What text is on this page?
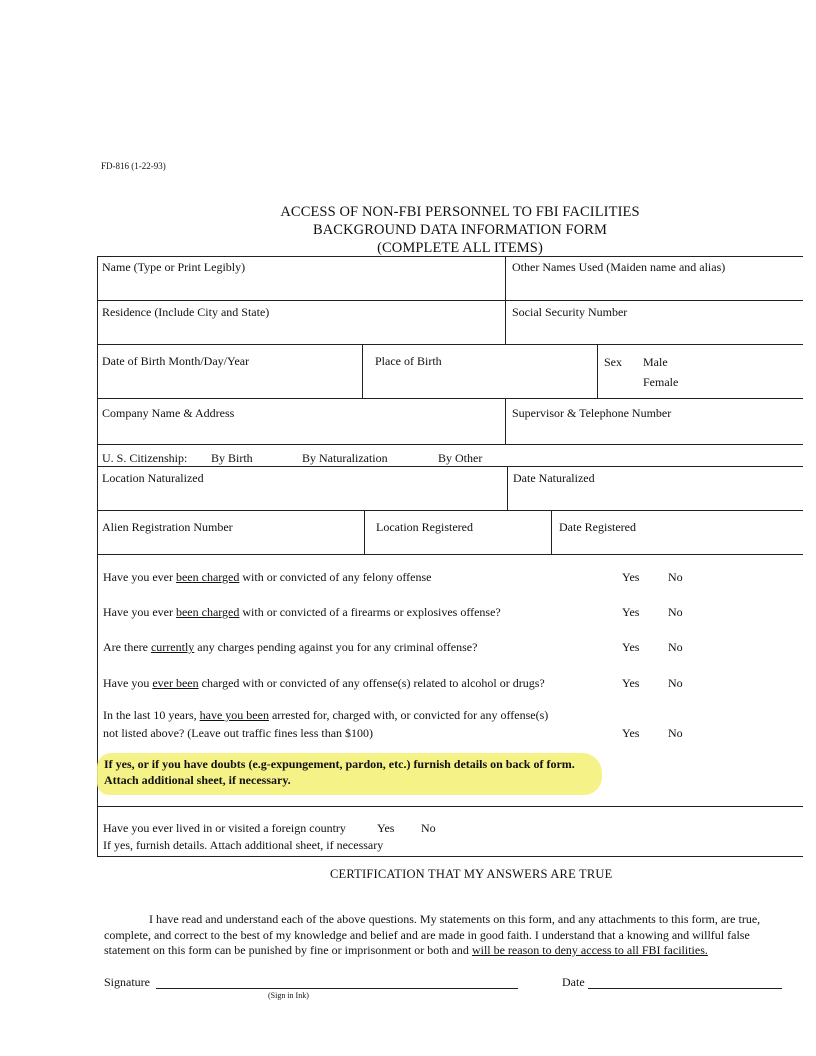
FD-816 (1-22-93)
ACCESS OF NON-FBI PERSONNEL TO FBI FACILITIES
BACKGROUND DATA INFORMATION FORM
(COMPLETE ALL ITEMS)
Name (Type or Print Legibly)	Other Names Used (Maiden name and alias)
Residence (Include City and State)	Social Security Number
Date of Birth Month/Day/Year	Place of Birth	Sex Male
Female
Company Name & Address	Supervisor & Telephone Number
U. S. Citizenship: By Birth	By Naturalization	By Other
Location Naturalized	Date Naturalized
Alien Registration Number	Location Registered	Date Registered
Have you ever been charged with or convicted of any felony offense	Yes No
Have you ever been charged with or convicted of a firearms or explosives offense?	Yes No
Are there currently any charges pending against you for any criminal offense?	Yes No
Have you ever been charged with or convicted of any offense(s) related to alcohol or drugs?	Yes No
In the last 10 years, have you been arrested for, charged with, or convicted for any offense(s)
not listed above? (Leave out traffic fines less than $100)	Yes No
If yes, or if you have doubts (e.g-expungement, pardon, etc.) furnish details on back of form.
Attach additional sheet, if necessary.
Have you ever lived in or visited a foreign country	Yes No
If yes, furnish details. Attach additional sheet, if necessary
CERTIFICATION THAT MY ANSWERS ARE TRUE
I have read and understand each of the above questions. My statements on this form, and any attachments to this form, are true, complete, and correct to the best of my knowledge and belief and are made in good faith. I understand that a knowing and willful false statement on this form can be punished by fine or imprisonment or both and will be reason to deny access to all FBI facilities.
Signature
(Sign in Ink)
Date
